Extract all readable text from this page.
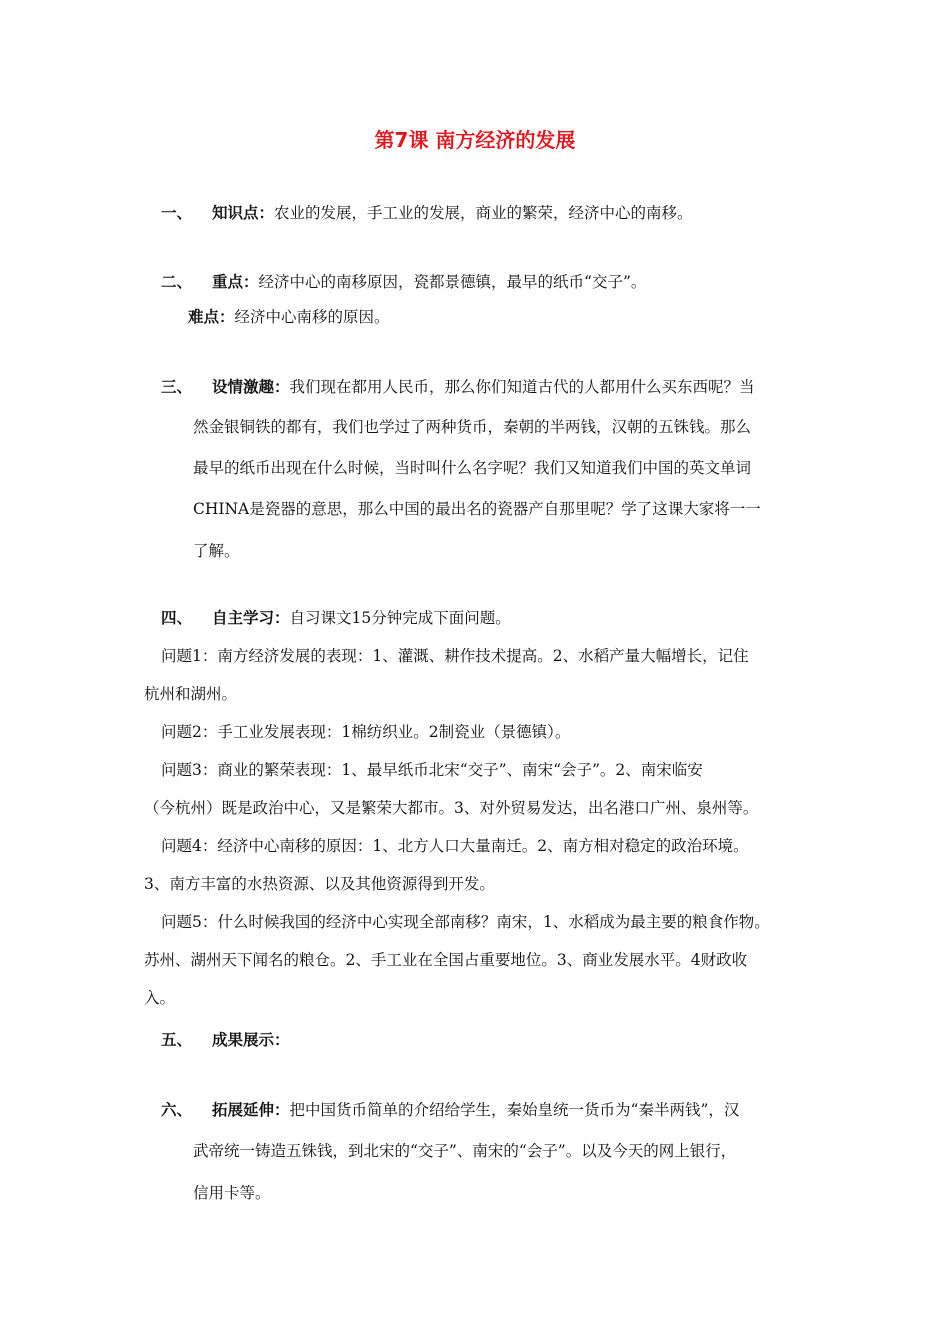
第7课 南方经济的发展
一、 知识点：农业的发展，手工业的发展，商业的繁荣，经济中心的南移。
二、 重点：经济中心的南移原因，瓷都景德镇，最早的纸币“交子”。
难点：经济中心南移的原因。
三、 设情激趣：我们现在都用人民币，那么你们知道古代的人都用什么买东西呢？当
然金银铜铁的都有，我们也学过了两种货币，秦朝的半两钱，汉朝的五铢钱。那么
最早的纸币出现在什么时候，当时叫什么名字呢？我们又知道我们中国的英文单词
CHINA是瓷器的意思，那么中国的最出名的瓷器产自那里呢？学了这课大家将一一
了解。
四、 自主学习：自习课文15分钟完成下面问题。
问题1：南方经济发展的表现：1、灌溉、耕作技术提高。2、水稻产量大幅增长，记住
杭州和湖州。
问题2：手工业发展表现：1棉纺织业。2制瓷业（景德镇）。
问题3：商业的繁荣表现：1、最早纸币北宋“交子”、南宋“会子”。2、南宋临安
（今杭州）既是政治中心，又是繁荣大都市。3、对外贸易发达，出名港口广州、泉州等。
问题4：经济中心南移的原因：1、北方人口大量南迁。2、南方相对稳定的政治环境。
3、南方丰富的水热资源、以及其他资源得到开发。
问题5：什么时候我国的经济中心实现全部南移？南宋，1、水稻成为最主要的粮食作物。
苏州、湖州天下闻名的粮仓。2、手工业在全国占重要地位。3、商业发展水平。4财政收
入。
五、 成果展示：
六、 拓展延伸：把中国货币简单的介绍给学生，秦始皇统一货币为“秦半两钱”，汉
武帝统一铸造五铢钱，到北宋的“交子”、南宋的“会子”。以及今天的网上银行，
信用卡等。
